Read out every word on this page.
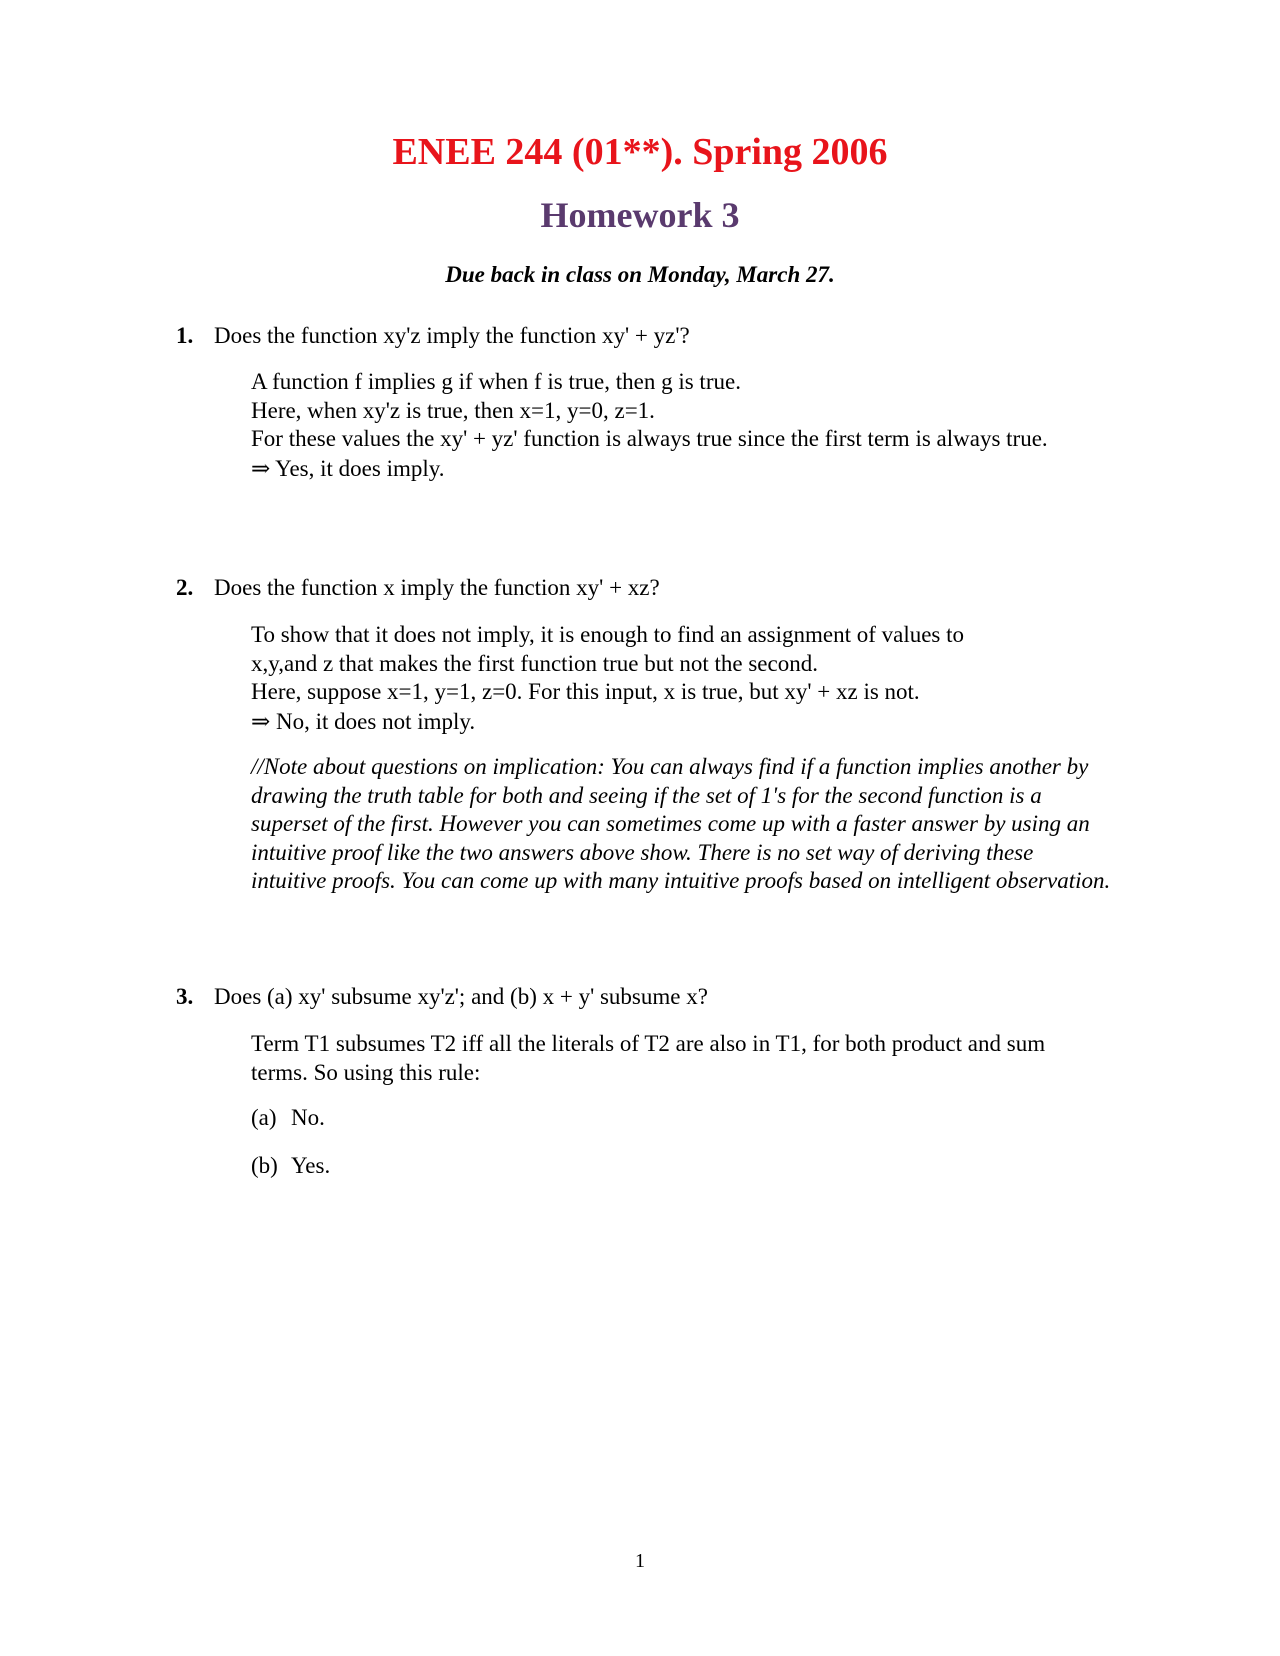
ENEE 244 (01**). Spring 2006
Homework 3

Due back in class on Monday, March 27.

1. Does the function xy'z imply the function xy' + yz'?

A function f implies g if when f is true, then g is true.

Here, when xy'z is true, then x=1, y=0, z=1.

For these values the xy' + yz' function is always true since the first term is always true.

⇒ Yes, it does imply.

2. Does the function x imply the function xy' + xz?

To show that it does not imply, it is enough to find an assignment of values to x,y,and z that makes the first function true but not the second.

Here, suppose x=1, y=1, z=0. For this input, x is true, but xy' + xz is not.

⇒ No, it does not imply.

//Note about questions on implication: You can always find if a function implies another by drawing the truth table for both and seeing if the set of 1's for the second function is a superset of the first. However you can sometimes come up with a faster answer by using an intuitive proof like the two answers above show. There is no set way of deriving these intuitive proofs. You can come up with many intuitive proofs based on intelligent observation.

3. Does (a) xy' subsume xy'z'; and (b) x + y' subsume x?

Term T1 subsumes T2 iff all the literals of T2 are also in T1, for both product and sum terms. So using this rule:

(a) No.

(b) Yes.

1
